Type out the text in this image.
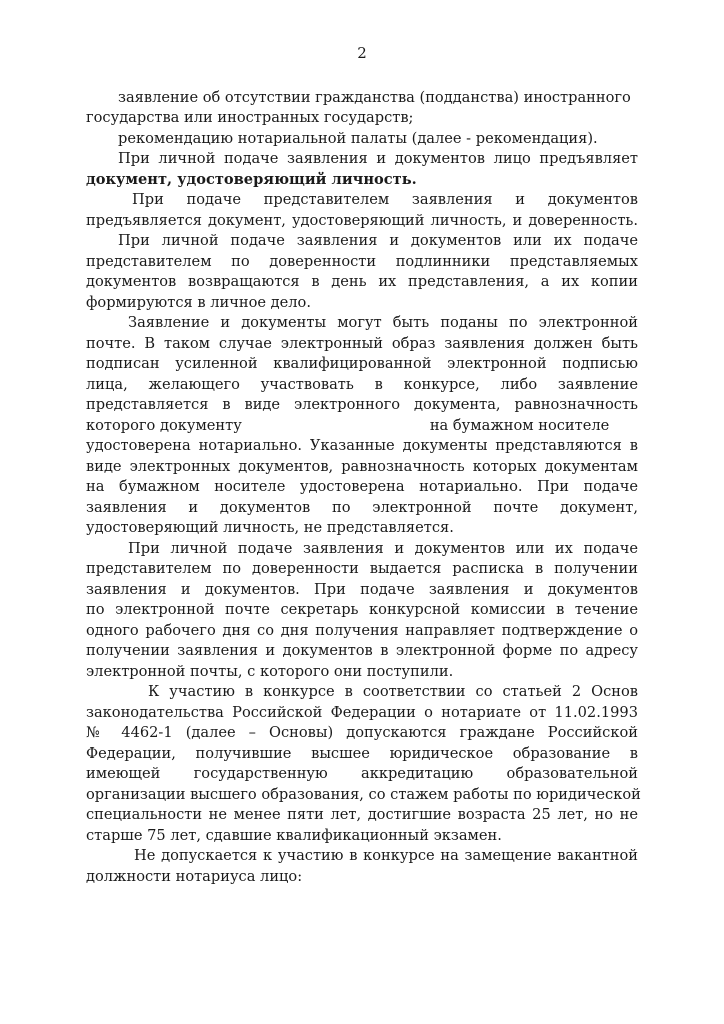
2
заявление об отсутствии гражданства (подданства) иностранного
государства или иностранных государств;
рекомендацию нотариальной палаты (далее - рекомендация).
При личной подаче заявления и документов лицо предъявляет
документ, удостоверяющий личность.
При подаче представителем заявления и документов
предъявляется документ, удостоверяющий личность, и доверенность.
При личной подаче заявления и документов или их подаче
представителем по доверенности подлинники представляемых
документов возвращаются в день их представления, а их копии
формируются в личное дело.
Заявление и документы могут быть поданы по электронной
почте. В таком случае электронный образ заявления должен быть
подписан усиленной квалифицированной электронной подписью
лица, желающего участвовать в конкурсе, либо заявление
представляется в виде электронного документа, равнозначность
которого документу	на бумажном носителе
удостоверена нотариально. Указанные документы представляются в
виде электронных документов, равнозначность которых документам
на бумажном носителе удостоверена нотариально. При подаче
заявления и документов по электронной почте документ,
удостоверяющий личность, не представляется.
При личной подаче заявления и документов или их подаче
представителем по доверенности выдается расписка в получении
заявления и документов. При подаче заявления и документов
по электронной почте секретарь конкурсной комиссии в течение
одного рабочего дня со дня получения направляет подтверждение о
получении заявления и документов в электронной форме по адресу
электронной почты, с которого они поступили.
К участию в конкурсе в соответствии со статьей 2 Основ
законодательства Российской Федерации о нотариате от 11.02.1993
№ 4462-1 (далее – Основы) допускаются граждане Российской
Федерации, получившие высшее юридическое образование в
имеющей государственную аккредитацию образовательной
организации высшего образования, со стажем работы по юридической
специальности не менее пяти лет, достигшие возраста 25 лет, но не
старше 75 лет, сдавшие квалификационный экзамен.
Не допускается к участию в конкурсе на замещение вакантной
должности нотариуса лицо:
